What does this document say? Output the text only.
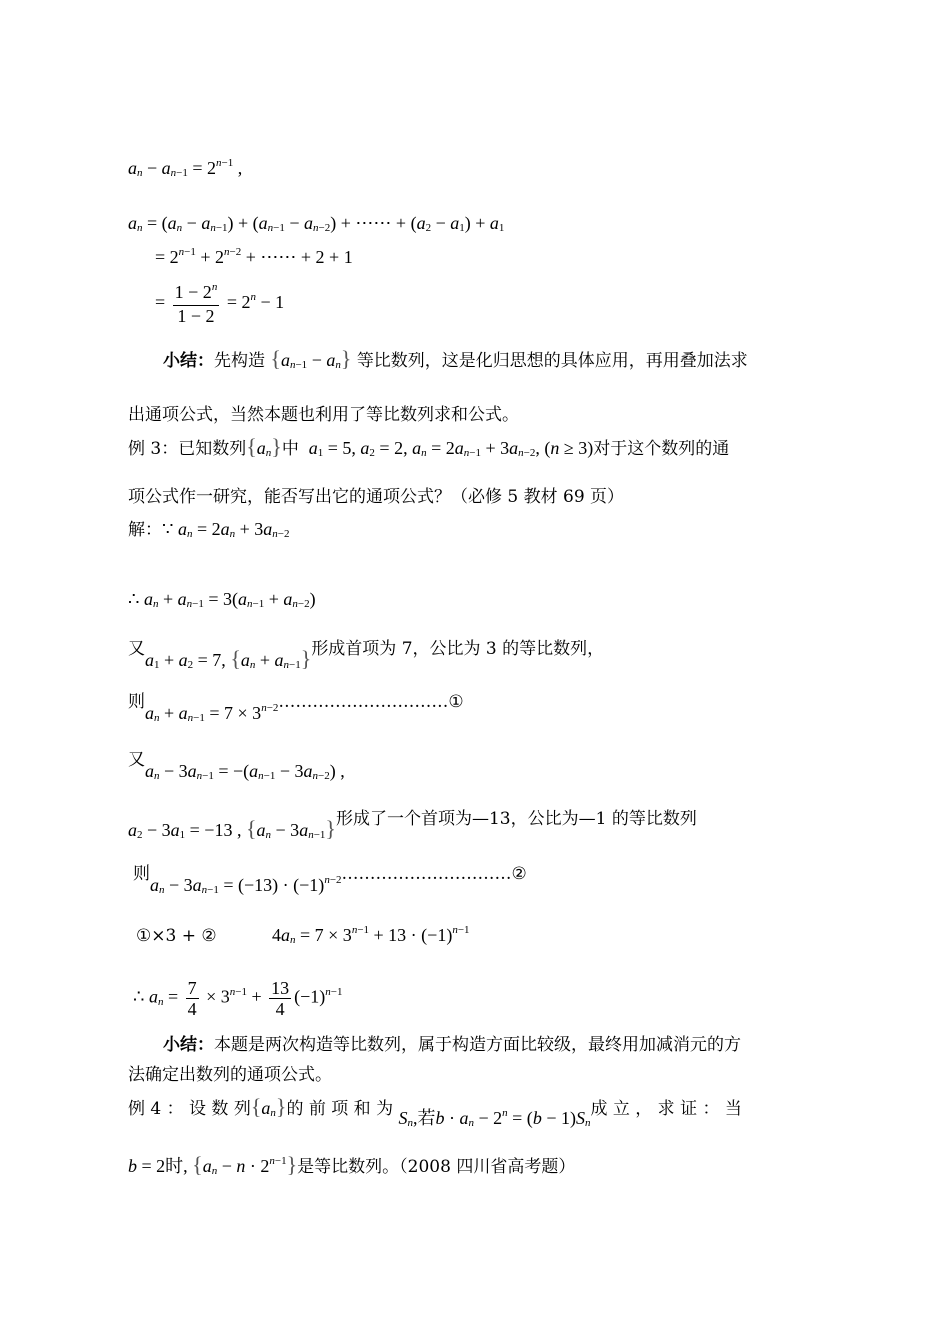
$a_n - a_{n-1} = 2^{n-1}$ ,
$a_n = (a_n - a_{n-1}) + (a_{n-1} - a_{n-2})$ + ⋯⋯ + $(a_2 - a_1) + a_1$
= $2^{n-1} + 2^{n-2}$ + ⋯⋯ + 2 + 1
= $\frac{1 - 2^n}{1 - 2} = 2^n - 1$
小结：先构造 $\{a_{n-1} - a_n\}$ 等比数列，这是化归思想的具体应用，再用叠加法求
出通项公式，当然本题也利用了等比数列求和公式。
例 3：已知数列$\{a_n\}$中 $a_1 = 5$, $a_2 = 2$, $a_n = 2a_{n-1} + 3a_{n-2}$, (n ≥ 3)对于这个数列的通
项公式作一研究，能否写出它的通项公式？（必修 5 教材 69 页）
解：∵ $a_n = 2a_n + 3a_{n-2}$
∴ $a_n + a_{n-1} = 3(a_{n-1} + a_{n-2})$
又$a_1 + a_2 = 7$, $\{a_n + a_{n-1}\}$形成首项为 7，公比为 3 的等比数列，
则$a_n + a_{n-1} = 7$ × $3^{n-2}\dots\dots\dots\dots\dots\dots\dots\dots\dots\dots ①$
又$a_n - 3a_{n-1} = -(a_{n-1} - 3a_{n-2})$ ,
$a_2 - 3a_1 = -13$ , $\{a_n - 3a_{n-1}\}$形成了一个首项为—13，公比为—1 的等比数列
则$a_n - 3a_{n-1} = (-13)$ · $(-1)^{n-2}\dots\dots\dots\dots\dots\dots\dots\dots\dots\dots ②$
①×3 + ②	$4a_n = 7 \times 3^{n-1} + 13 \cdot (-1)^{n-1}$
∴ $a_n = \frac{7}{4} \times 3^{n-1} + \frac{13}{4} (-1)^{n-1}$
小结：本题是两次构造等比数列，属于构造方面比较级，最终用加减消元的方
法确定出数列的通项公式。
例 4 ： 设 数 列$\{a_n\}$的 前 项 和 为 $S_n$,若$b \cdot a_n - 2^n = (b - 1)S_n$成 立 ， 求 证 ： 当
b = 2时, $\{a_n - n \cdot 2^{n-1}\}$是等比数列。（2008 四川省高考题）
